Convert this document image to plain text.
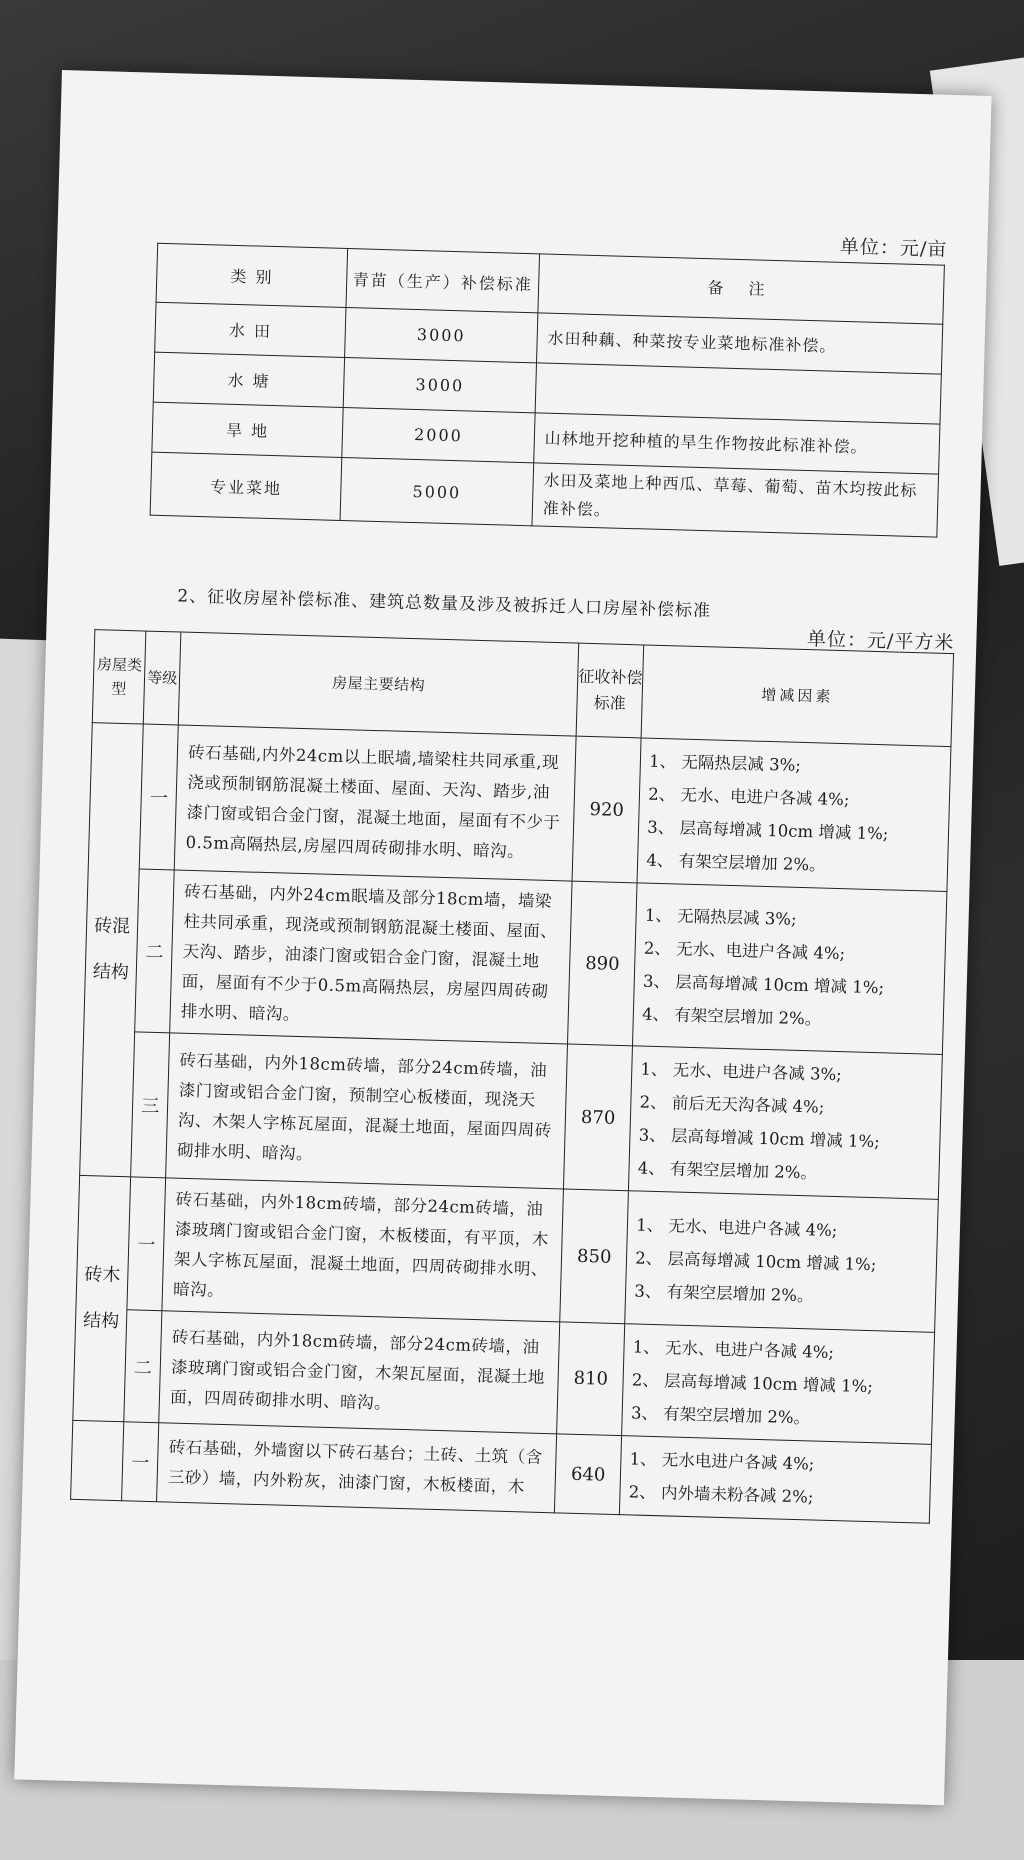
单位：元/亩
类 别	青苗（生产）补偿标准	备 注
水 田	3000	水田种藕、种菜按专业菜地标准补偿。
水 塘	3000	
旱 地	2000	山林地开挖种植的旱生作物按此标准补偿。
专业菜地	5000	水田及菜地上种西瓜、草莓、葡萄、苗木均按此标准补偿。
2、征收房屋补偿标准、建筑总数量及涉及被拆迁人口房屋补偿标准
单位：元/平方米
房屋类型	等级	房屋主要结构	征收补偿标准	增减因素
砖混结构	一	砖石基础,内外24cm以上眠墙,墙梁柱共同承重,现浇或预制钢筋混凝土楼面、屋面、天沟、踏步,油漆门窗或铝合金门窗，混凝土地面，屋面有不少于0.5m高隔热层,房屋四周砖砌排水明、暗沟。	920	1、 无隔热层减 3%;
2、 无水、电进户各减 4%;
3、 层高每增减 10cm 增减 1%;
4、 有架空层增加 2%。

	二	砖石基础，内外24cm眠墙及部分18cm墙，墙梁柱共同承重，现浇或预制钢筋混凝土楼面、屋面、天沟、踏步，油漆门窗或铝合金门窗，混凝土地面，屋面有不少于0.5m高隔热层，房屋四周砖砌排水明、暗沟。	890	1、 无隔热层减 3%;
2、 无水、电进户各减 4%;
3、 层高每增减 10cm 增减 1%;
4、 有架空层增加 2%。

	三	砖石基础，内外18cm砖墙，部分24cm砖墙，油漆门窗或铝合金门窗，预制空心板楼面，现浇天沟、木架人字栋瓦屋面，混凝土地面，屋面四周砖砌排水明、暗沟。	870	1、 无水、电进户各减 3%;
2、 前后无天沟各减 4%;
3、 层高每增减 10cm 增减 1%;
4、 有架空层增加 2%。

砖木结构	一	砖石基础，内外18cm砖墙，部分24cm砖墙，油漆玻璃门窗或铝合金门窗，木板楼面，有平顶，木架人字栋瓦屋面，混凝土地面，四周砖砌排水明、暗沟。	850	1、 无水、电进户各减 4%;
2、 层高每增减 10cm 增减 1%;
3、 有架空层增加 2%。

	二	砖石基础，内外18cm砖墙，部分24cm砖墙，油漆玻璃门窗或铝合金门窗，木架瓦屋面，混凝土地面，四周砖砌排水明、暗沟。	810	1、 无水、电进户各减 4%;
2、 层高每增减 10cm 增减 1%;
3、 有架空层增加 2%。

	一	砖石基础，外墙窗以下砖石基台；土砖、土筑（含三砂）墙，内外粉灰，油漆门窗，木板楼面，木	640	1、 无水电进户各减 4%;
2、 内外墙未粉各减 2%;
